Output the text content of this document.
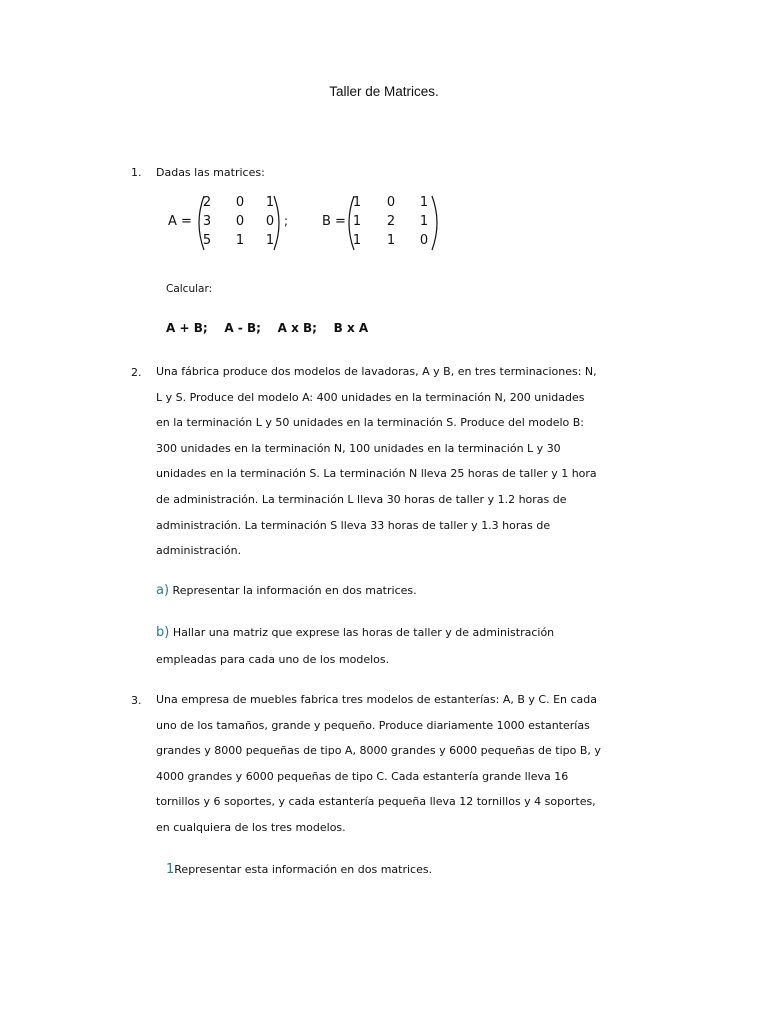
Taller de Matrices.
1. Dadas las matrices:
A =
2 0 1
3 0 0
5 1 1
;	B =
1 0 1
1 2 1
1 1 0
Calcular:
A + B;    A - B;    A x B;    B x A
2. Una fábrica produce dos modelos de lavadoras, A y B, en tres terminaciones: N,
L y S. Produce del modelo A: 400 unidades en la terminación N, 200 unidades
en la terminación L y 50 unidades en la terminación S. Produce del modelo B:
300 unidades en la terminación N, 100 unidades en la terminación L y 30
unidades en la terminación S. La terminación N lleva 25 horas de taller y 1 hora
de administración. La terminación L lleva 30 horas de taller y 1.2 horas de
administración. La terminación S lleva 33 horas de taller y 1.3 horas de
administración.
a) Representar la información en dos matrices.
b) Hallar una matriz que exprese las horas de taller y de administración
empleadas para cada uno de los modelos.
3. Una empresa de muebles fabrica tres modelos de estanterías: A, B y C. En cada
uno de los tamaños, grande y pequeño. Produce diariamente 1000 estanterías
grandes y 8000 pequeñas de tipo A, 8000 grandes y 6000 pequeñas de tipo B, y
4000 grandes y 6000 pequeñas de tipo C. Cada estantería grande lleva 16
tornillos y 6 soportes, y cada estantería pequeña lleva 12 tornillos y 4 soportes,
en cualquiera de los tres modelos.
1Representar esta información en dos matrices.
